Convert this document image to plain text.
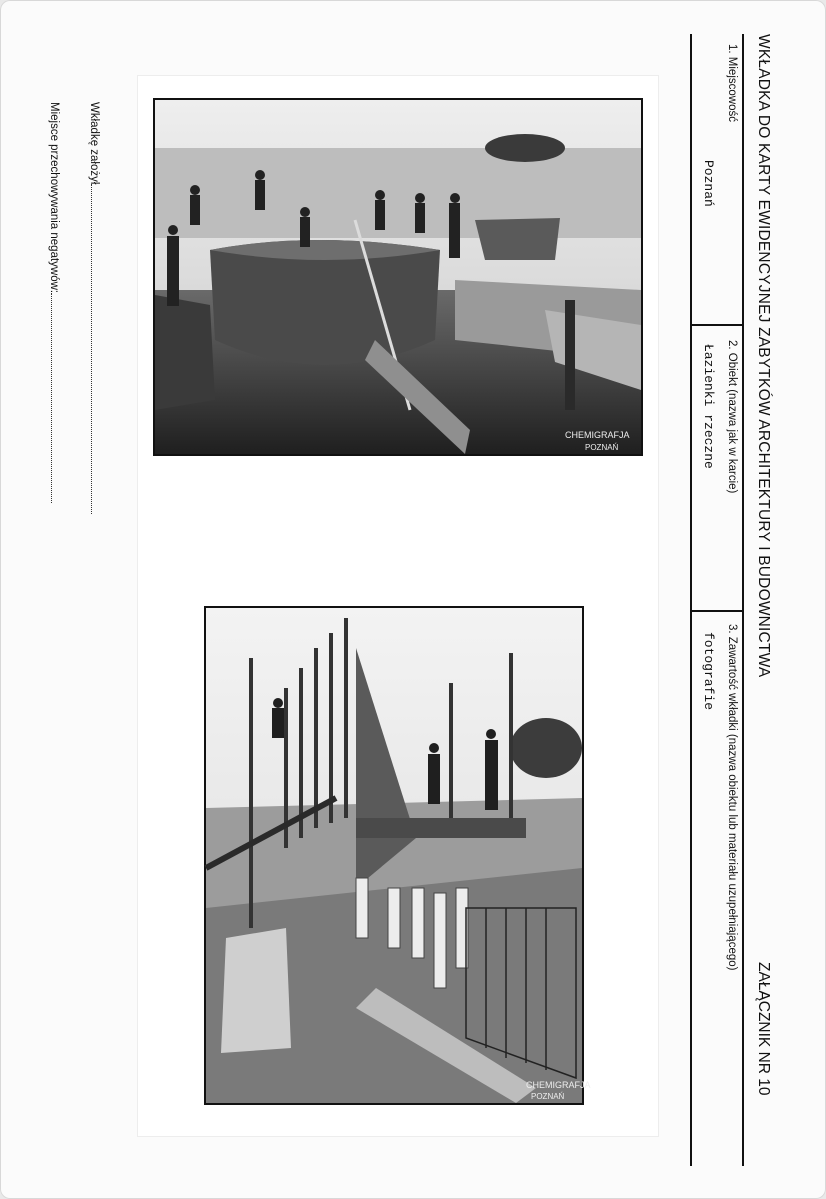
WKŁADKA DO KARTY EWIDENCYJNEJ ZABYTKÓW ARCHITEKTURY I BUDOWNICTWA
ZAŁĄCZNIK NR 10
1. Miejscowość
2. Obiekt (nazwa jak w karcie)
3. Zawartość wkładki (nazwa obiektu lub materiału uzupełniającego)
Poznań
Łazienki rzeczne
fotografie
Wkładkę założył
Miejsce przechowywania negatywów:
CHEMIGRAFJA
POZNAŃ
CHEMIGRAFJA
POZNAŃ
